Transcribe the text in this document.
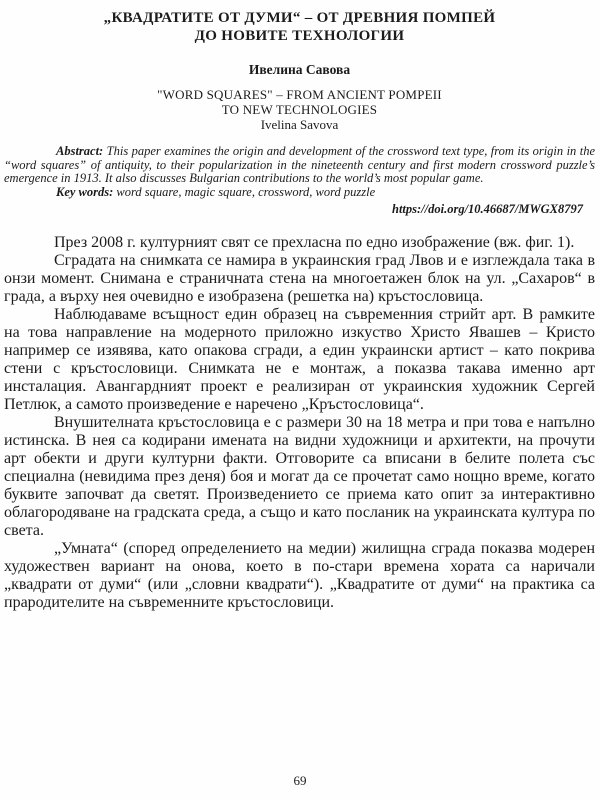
„КВАДРАТИТЕ ОТ ДУМИ“ – ОТ ДРЕВНИЯ ПОМПЕЙ
ДО НОВИТЕ ТЕХНОЛОГИИ
Ивелина Савова
"WORD SQUARES" – FROM ANCIENT POMPEII
TO NEW TECHNOLOGIES
Ivelina Savova

Abstract: This paper examines the origin and development of the crossword text type, from its origin in the “word squares” of antiquity, to their popularization in the nineteenth century and first modern crossword puzzle’s emergence in 1913. It also discusses Bulgarian contributions to the world’s most popular game.

Key words: word square, magic square, crossword, word puzzle

https://doi.org/10.46687/MWGX8797

През 2008 г. културният свят се прехласна по едно изображение (вж. фиг. 1).

Сградата на снимката се намира в украинския град Лвов и е изглеждала така в онзи момент. Снимана е страничната стена на многоетажен блок на ул. „Сахаров“ в града, а върху нея очевидно е изобразена (решетка на) кръстословица.

Наблюдаваме всъщност един образец на съвременния стрийт арт. В рамките на това направление на модерното приложно изкуство Христо Явашев – Кристо например се изявява, като опакова сгради, а един украински артист – като покрива стени с кръстословици. Снимката не е монтаж, а показва такава именно арт инсталация. Авангардният проект е реализиран от украинския художник Сергей Петлюк, а самото произведение е наречено „Кръстословица“.

Внушителната кръстословица е с размери 30 на 18 метра и при това е напълно истинска. В нея са кодирани имената на видни художници и архитекти, на прочути арт обекти и други културни факти. Отговорите са вписани в белите полета със специална (невидима през деня) боя и могат да се прочетат само нощно време, когато буквите започват да светят. Произведението се приема като опит за интерактивно облагородяване на градската среда, а също и като посланик на украинската култура по света.

„Умната“ (според определението на медии) жилищна сграда показва модерен художествен вариант на онова, което в по-стари времена хората са наричали „квадрати от думи“ (или „словни квадрати“). „Квадратите от думи“ на практика са прародителите на съвременните кръстословици.

69
